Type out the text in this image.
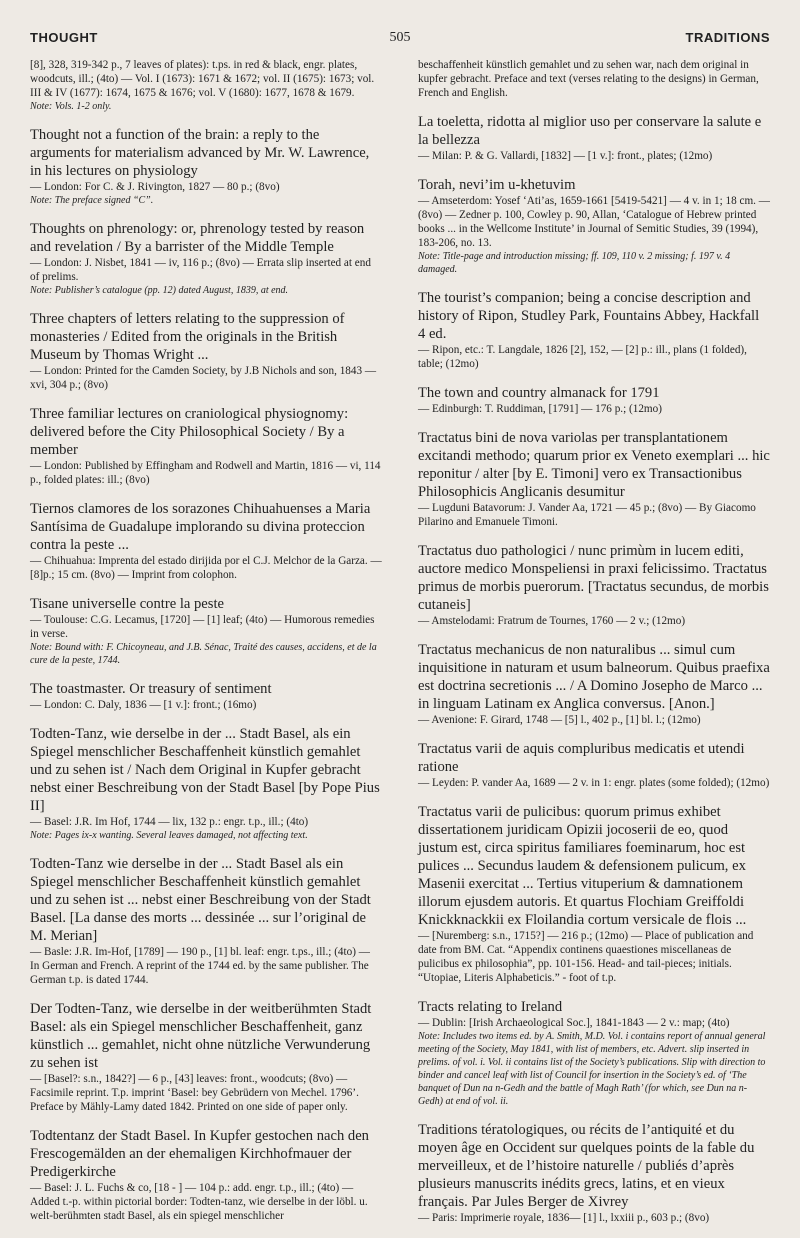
THOUGHT	505	TRADITIONS

[8], 328, 319-342 p., 7 leaves of plates): t.ps. in red & black, engr. plates, woodcuts, ill.; (4to) — Vol. I (1673): 1671 & 1672; vol. II (1675): 1673; vol. III & IV (1677): 1674, 1675 & 1676; vol. V (1680): 1677, 1678 & 1679.

Note: Vols. 1-2 only.

Thought not a function of the brain: a reply to the arguments for materialism advanced by Mr. W. Lawrence, in his lectures on physiology

— London: For C. & J. Rivington, 1827 — 80 p.; (8vo)

Note: The preface signed “C”.

Thoughts on phrenology: or, phrenology tested by reason and revelation / By a barrister of the Middle Temple

— London: J. Nisbet, 1841 — iv, 116 p.; (8vo) — Errata slip inserted at end of prelims.

Note: Publisher’s catalogue (pp. 12) dated August, 1839, at end.

Three chapters of letters relating to the suppression of monasteries / Edited from the originals in the British Museum by Thomas Wright ...

— London: Printed for the Camden Society, by J.B Nichols and son, 1843 — xvi, 304 p.; (8vo)

Three familiar lectures on craniological physiognomy: delivered before the City Philosophical Society / By a member

— London: Published by Effingham and Rodwell and Martin, 1816 — vi, 114 p., folded plates: ill.; (8vo)

Tiernos clamores de los sorazones Chihuahuenses a Maria Santísima de Guadalupe implorando su divina proteccion contra la peste ...

— Chihuahua: Imprenta del estado dirijida por el C.J. Melchor de la Garza. — [8]p.; 15 cm. (8vo) — Imprint from colophon.

Tisane universelle contre la peste

— Toulouse: C.G. Lecamus, [1720] — [1] leaf; (4to) — Humorous remedies in verse.

Note: Bound with: F. Chicoyneau, and J.B. Sénac, Traité des causes, accidens, et de la cure de la peste, 1744.

The toastmaster. Or treasury of sentiment

— London: C. Daly, 1836 — [1 v.]: front.; (16mo)

Todten-Tanz, wie derselbe in der ... Stadt Basel, als ein Spiegel menschlicher Beschaffenheit künstlich gemahlet und zu sehen ist / Nach dem Original in Kupfer gebracht nebst einer Beschreibung von der Stadt Basel [by Pope Pius II]

— Basel: J.R. Im Hof, 1744 — lix, 132 p.: engr. t.p., ill.; (4to)

Note: Pages ix-x wanting. Several leaves damaged, not affecting text.

Todten-Tanz wie derselbe in der ... Stadt Basel als ein Spiegel menschlicher Beschaffenheit künstlich gemahlet und zu sehen ist ... nebst einer Beschreibung von der Stadt Basel. [La danse des morts ... dessinée ... sur l’original de M. Merian]

— Basle: J.R. Im-Hof, [1789] — 190 p., [1] bl. leaf: engr. t.ps., ill.; (4to) — In German and French. A reprint of the 1744 ed. by the same publisher. The German t.p. is dated 1744.

Der Todten-Tanz, wie derselbe in der weitberühmten Stadt Basel: als ein Spiegel menschlicher Beschaffenheit, ganz künstlich ... gemahlet, nicht ohne nützliche Verwunderung zu sehen ist

— [Basel?: s.n., 1842?] — 6 p., [43] leaves: front., woodcuts; (8vo) — Facsimile reprint. T.p. imprint ‘Basel: bey Gebrüdern von Mechel. 1796’. Preface by Mähly-Lamy dated 1842. Printed on one side of paper only.

Todtentanz der Stadt Basel. In Kupfer gestochen nach den Frescogemälden an der ehemaligen Kirchhofmauer der Predigerkirche

— Basel: J. L. Fuchs & co, [18 - ] — 104 p.: add. engr. t.p., ill.; (4to) — Added t.-p. within pictorial border: Todten-tanz, wie derselbe in der löbl. u. welt-berühmten stadt Basel, als ein spiegel menschlicher

beschaffenheit künstlich gemahlet und zu sehen war, nach dem original in kupfer gebracht. Preface and text (verses relating to the designs) in German, French and English.

La toeletta, ridotta al miglior uso per conservare la salute e la bellezza

— Milan: P. & G. Vallardi, [1832] — [1 v.]: front., plates; (12mo)

Torah, nevi’im u-khetuvim

— Amseterdom: Yosef ‘Ati’as, 1659-1661 [5419-5421] — 4 v. in 1; 18 cm. — (8vo) — Zedner p. 100, Cowley p. 90, Allan, ‘Catalogue of Hebrew printed books ... in the Wellcome Institute’ in Journal of Semitic Studies, 39 (1994), 183-206, no. 13.

Note: Title-page and introduction missing; ff. 109, 110 v. 2 missing; f. 197 v. 4 damaged.

The tourist’s companion; being a concise description and history of Ripon, Studley Park, Fountains Abbey, Hackfall 4 ed.

— Ripon, etc.: T. Langdale, 1826 [2], 152, — [2] p.: ill., plans (1 folded), table; (12mo)

The town and country almanack for 1791

— Edinburgh: T. Ruddiman, [1791] — 176 p.; (12mo)

Tractatus bini de nova variolas per transplantationem excitandi methodo; quarum prior ex Veneto exemplari ... hic reponitur / alter [by E. Timoni] vero ex Transactionibus Philosophicis Anglicanis desumitur

— Lugduni Batavorum: J. Vander Aa, 1721 — 45 p.; (8vo) — By Giacomo Pilarino and Emanuele Timoni.

Tractatus duo pathologici / nunc primùm in lucem editi, auctore medico Monspeliensi in praxi felicissimo. Tractatus primus de morbis puerorum. [Tractatus secundus, de morbis cutaneis]

— Amstelodami: Fratrum de Tournes, 1760 — 2 v.; (12mo)

Tractatus mechanicus de non naturalibus ... simul cum inquisitione in naturam et usum balneorum. Quibus praefixa est doctrina secretionis ... / A Domino Josepho de Marco ... in linguam Latinam ex Anglica conversus. [Anon.]

— Avenione: F. Girard, 1748 — [5] l., 402 p., [1] bl. l.; (12mo)

Tractatus varii de aquis compluribus medicatis et utendi ratione

— Leyden: P. vander Aa, 1689 — 2 v. in 1: engr. plates (some folded); (12mo)

Tractatus varii de pulicibus: quorum primus exhibet dissertationem juridicam Opizii jocoserii de eo, quod justum est, circa spiritus familiares foeminarum, hoc est pulices ... Secundus laudem & defensionem pulicum, ex Masenii exercitat ... Tertius vituperium & damnationem illorum ejusdem autoris. Et quartus Flochiam Greiffoldi Knickknackkii ex Floilandia cortum versicale de flois ...

— [Nuremberg: s.n., 1715?] — 216 p.; (12mo) — Place of publication and date from BM. Cat. “Appendix continens quaestiones miscellaneas de pulicibus ex philosophia”, pp. 101-156. Head- and tail-pieces; initials. “Utopiae, Literis Alphabeticis.” - foot of t.p.

Tracts relating to Ireland

— Dublin: [Irish Archaeological Soc.], 1841-1843 — 2 v.: map; (4to)

Note: Includes two items ed. by A. Smith, M.D. Vol. i contains report of annual general meeting of the Society, May 1841, with list of members, etc. Advert. slip inserted in prelims. of vol. i. Vol. ii contains list of the Society’s publications. Slip with direction to binder and cancel leaf with list of Council for insertion in the Society’s ed. of ‘The banquet of Dun na n-Gedh and the battle of Magh Rath’ (for which, see Dun na n-Gedh) at end of vol. ii.

Traditions tératologiques, ou récits de l’antiquité et du moyen âge en Occident sur quelques points de la fable du merveilleux, et de l’histoire naturelle / publiés d’après plusieurs manuscrits inédits grecs, latins, et en vieux français. Par Jules Berger de Xivrey

— Paris: Imprimerie royale, 1836— [1] l., lxxiii p., 603 p.; (8vo)
